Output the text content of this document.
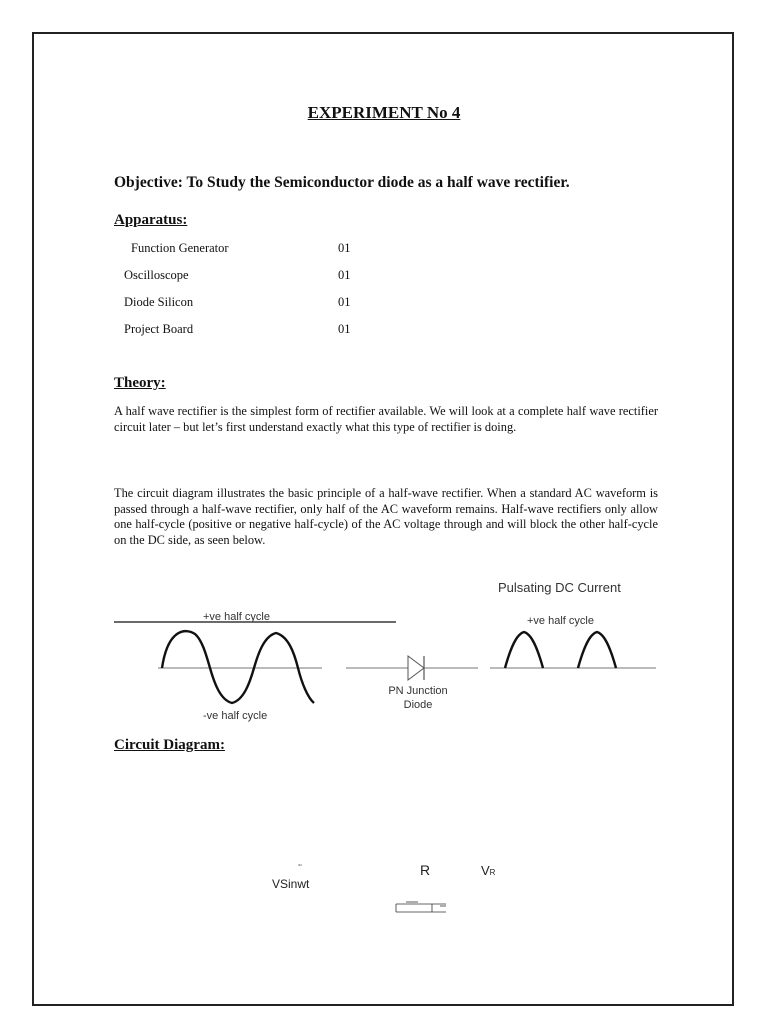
EXPERIMENT No 4

Objective: To Study the Semiconductor diode as a half wave rectifier.

Apparatus:

Function Generator	01
Oscilloscope	01
Diode Silicon	01
Project Board	01

Theory:

A half wave rectifier is the simplest form of rectifier available. We will look at a complete half wave rectifier circuit later – but let’s first understand exactly what this type of rectifier is doing.

The circuit diagram illustrates the basic principle of a half-wave rectifier. When a standard AC waveform is passed through a half-wave rectifier, only half of the AC waveform remains. Half-wave rectifiers only allow one half-cycle (positive or negative half-cycle) of the AC voltage through and will block the other half-cycle on the DC side, as seen below.

Pulsating DC Current
+ve half cycle
-ve half cycle
+ve half cycle
PN Junction
Diode
ac
VSinwt
R	VR

Circuit Diagram:
